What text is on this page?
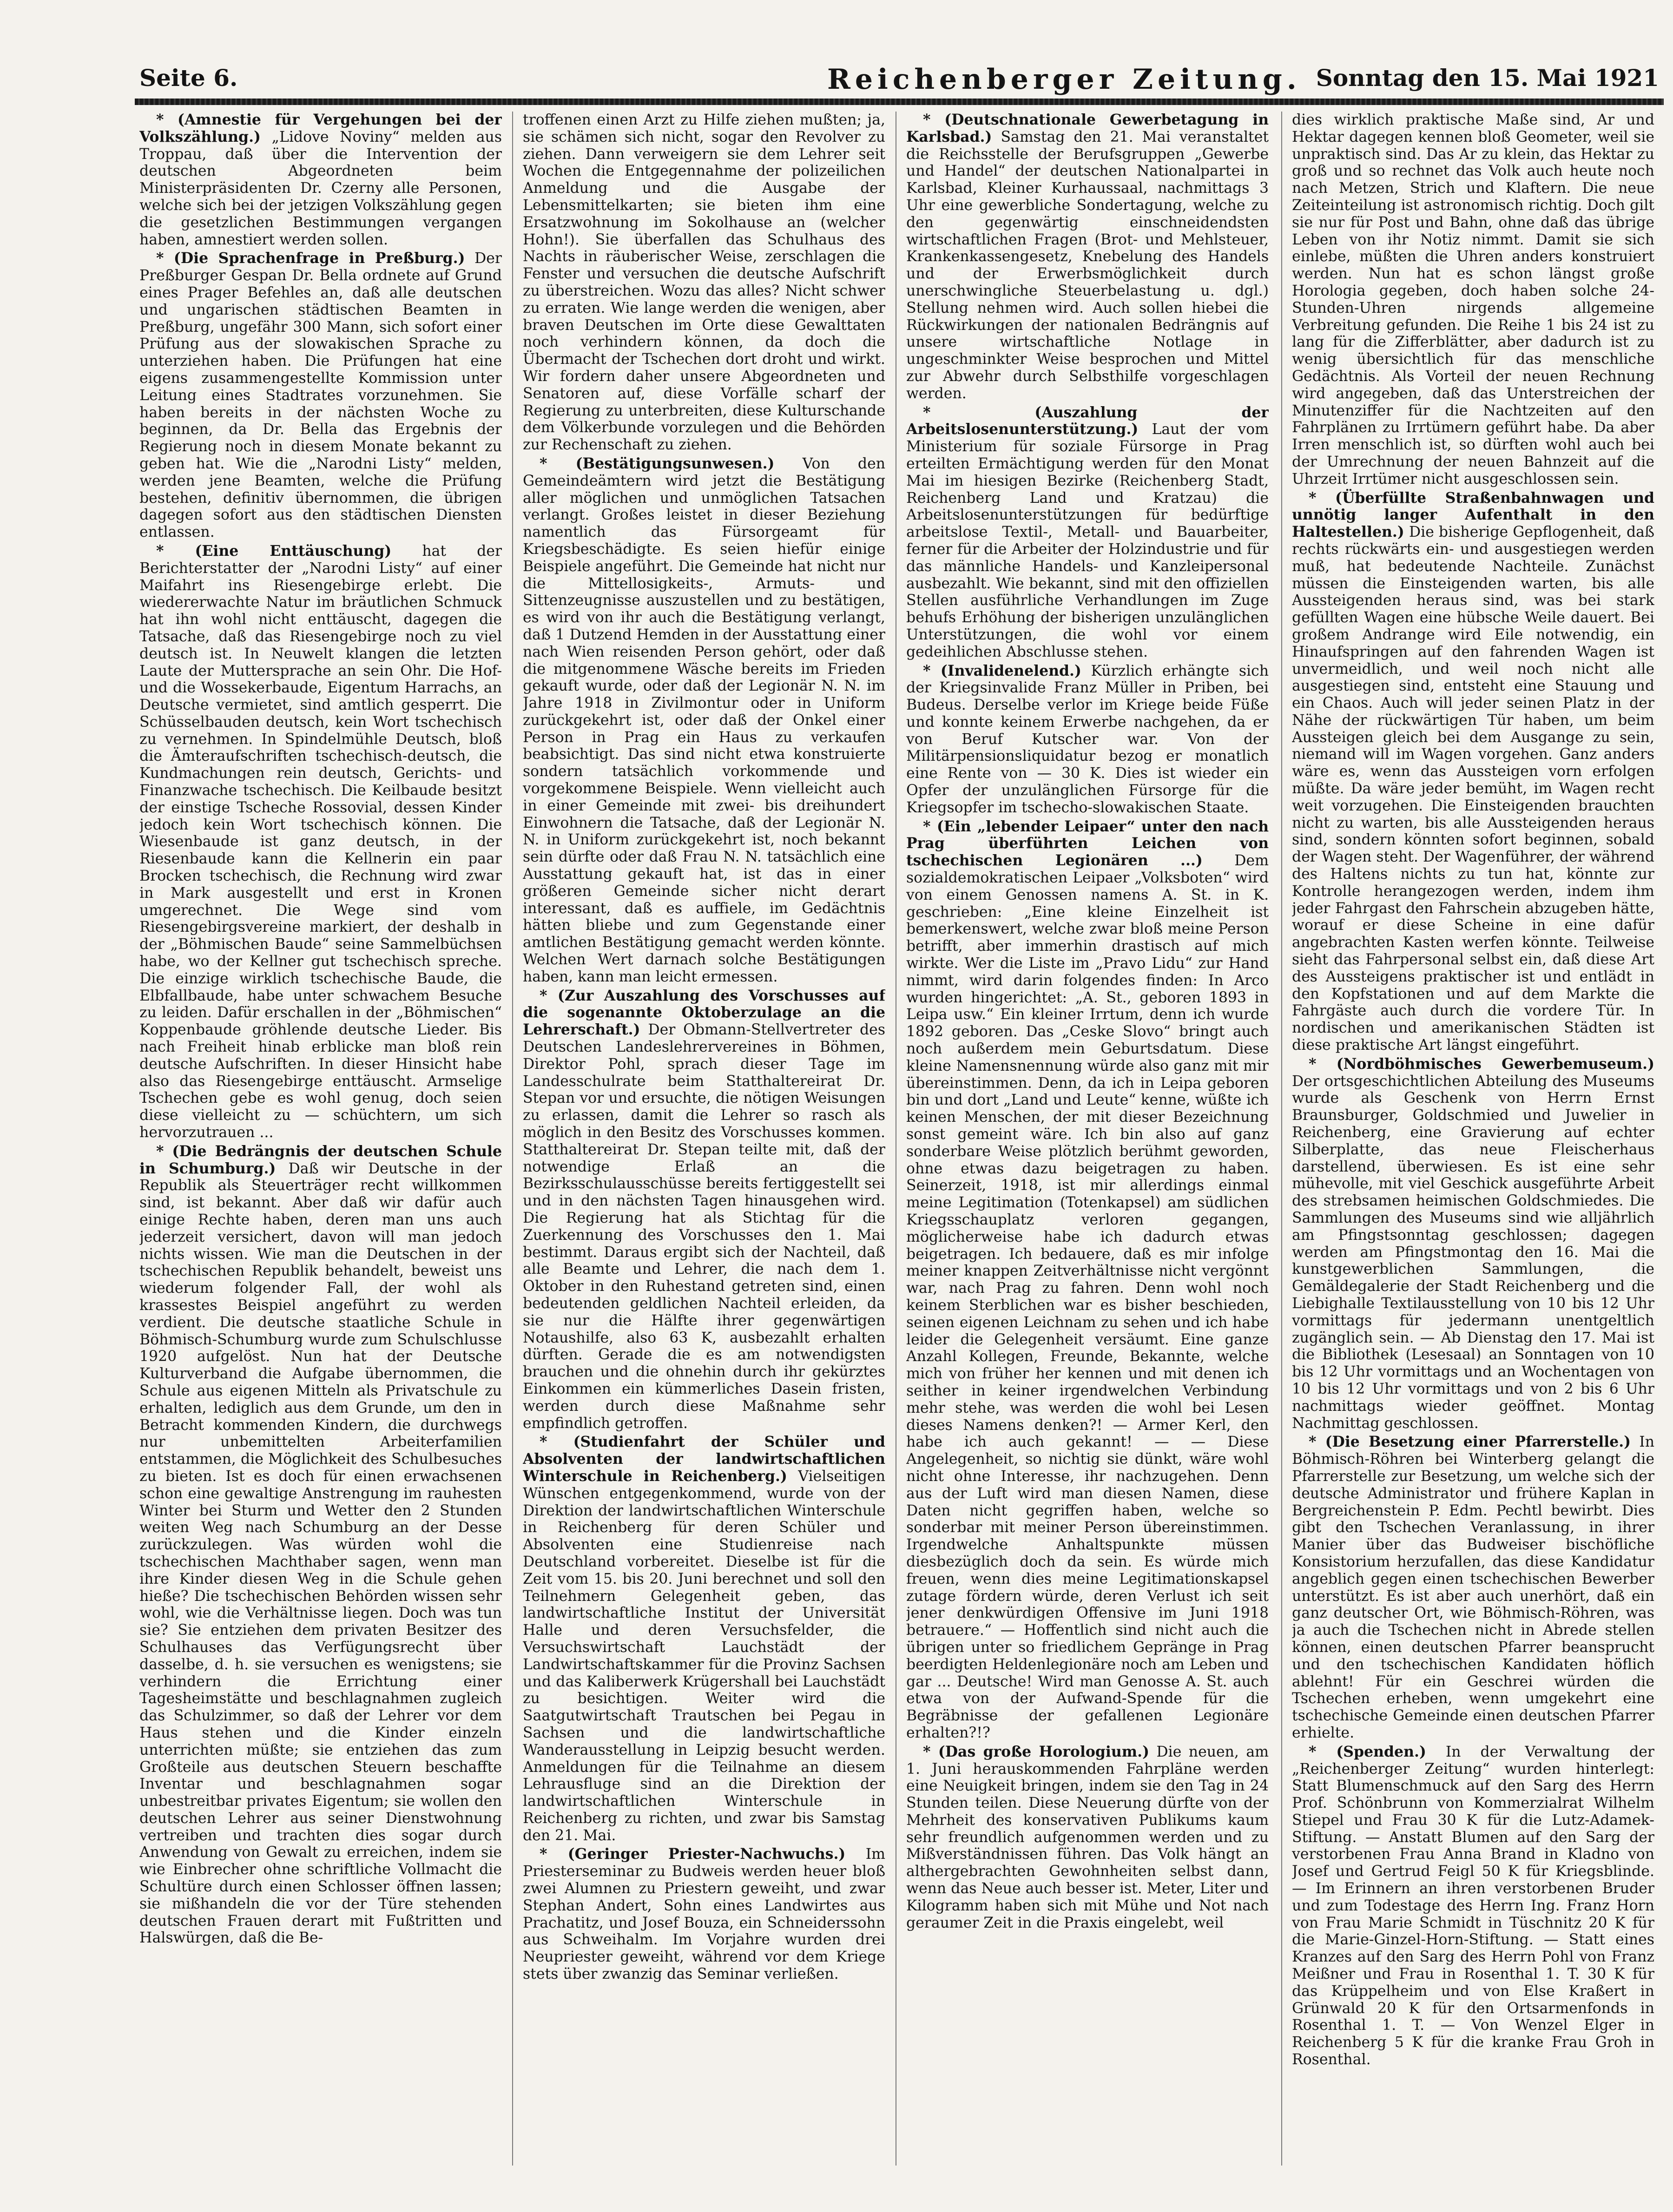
Seite 6.	Reichenberger Zeitung. Sonntag den 15. Mai 1921

* (Amnestie für Vergehungen bei der Volkszählung.) „Lidove Noviny“ melden aus Troppau, daß über die Intervention der deutschen Abgeordneten beim Ministerpräsidenten Dr. Czerny alle Personen, welche sich bei der jetzigen Volkszählung gegen die gesetzlichen Bestimmungen vergangen haben, amnestiert werden sollen.

* (Die Sprachenfrage in Preßburg.) Der Preßburger Gespan Dr. Bella ordnete auf Grund eines Prager Befehles an, daß alle deutschen und ungarischen städtischen Beamten in Preßburg, ungefähr 300 Mann, sich sofort einer Prüfung aus der slowakischen Sprache zu unterziehen haben. Die Prüfungen hat eine eigens zusammengestellte Kommission unter Leitung eines Stadtrates vorzunehmen. Sie haben bereits in der nächsten Woche zu beginnen, da Dr. Bella das Ergebnis der Regierung noch in diesem Monate bekannt zu geben hat. Wie die „Narodni Listy“ melden, werden jene Beamten, welche die Prüfung bestehen, definitiv übernommen, die übrigen dagegen sofort aus den städtischen Diensten entlassen.

* (Eine Enttäuschung) hat der Berichterstatter der „Narodni Listy“ auf einer Maifahrt ins Riesengebirge erlebt. Die wiedererwachte Natur im bräutlichen Schmuck hat ihn wohl nicht enttäuscht, dagegen die Tatsache, daß das Riesengebirge noch zu viel deutsch ist. In Neuwelt klangen die letzten Laute der Muttersprache an sein Ohr. Die Hof- und die Wossekerbaude, Eigentum Harrachs, an Deutsche vermietet, sind amtlich gesperrt. Die Schüsselbauden deutsch, kein Wort tschechisch zu vernehmen. In Spindelmühle Deutsch, bloß die Ämteraufschriften tschechisch-deutsch, die Kundmachungen rein deutsch, Gerichts- und Finanzwache tschechisch. Die Keilbaude besitzt der einstige Tscheche Rossovial, dessen Kinder jedoch kein Wort tschechisch können. Die Wiesenbaude ist ganz deutsch, in der Riesenbaude kann die Kellnerin ein paar Brocken tschechisch, die Rechnung wird zwar in Mark ausgestellt und erst in Kronen umgerechnet. Die Wege sind vom Riesengebirgsvereine markiert, der deshalb in der „Böhmischen Baude“ seine Sammelbüchsen habe, wo der Kellner gut tschechisch spreche. Die einzige wirklich tschechische Baude, die Elbfallbaude, habe unter schwachem Besuche zu leiden. Dafür erschallen in der „Böhmischen“ Koppenbaude gröhlende deutsche Lieder. Bis nach Freiheit hinab erblicke man bloß rein deutsche Aufschriften. In dieser Hinsicht habe also das Riesengebirge enttäuscht. Armselige Tschechen gebe es wohl genug, doch seien diese vielleicht zu — schüchtern, um sich hervorzutrauen ...

* (Die Bedrängnis der deutschen Schule in Schumburg.) Daß wir Deutsche in der Republik als Steuerträger recht willkommen sind, ist bekannt. Aber daß wir dafür auch einige Rechte haben, deren man uns auch jederzeit versichert, davon will man jedoch nichts wissen. Wie man die Deutschen in der tschechischen Republik behandelt, beweist uns wiederum folgender Fall, der wohl als krassestes Beispiel angeführt zu werden verdient. Die deutsche staatliche Schule in Böhmisch-Schumburg wurde zum Schulschlusse 1920 aufgelöst. Nun hat der Deutsche Kulturverband die Aufgabe übernommen, die Schule aus eigenen Mitteln als Privatschule zu erhalten, lediglich aus dem Grunde, um den in Betracht kommenden Kindern, die durchwegs nur unbemittelten Arbeiterfamilien entstammen, die Möglichkeit des Schulbesuches zu bieten. Ist es doch für einen erwachsenen schon eine gewaltige Anstrengung im rauhesten Winter bei Sturm und Wetter den 2 Stunden weiten Weg nach Schumburg an der Desse zurückzulegen. Was würden wohl die tschechischen Machthaber sagen, wenn man ihre Kinder diesen Weg in die Schule gehen hieße? Die tschechischen Behörden wissen sehr wohl, wie die Verhältnisse liegen. Doch was tun sie? Sie entziehen dem privaten Besitzer des Schulhauses das Verfügungsrecht über dasselbe, d. h. sie versuchen es wenigstens; sie verhindern die Errichtung einer Tagesheimstätte und beschlagnahmen zugleich das Schulzimmer, so daß der Lehrer vor dem Haus stehen und die Kinder einzeln unterrichten müßte; sie entziehen das zum Großteile aus deutschen Steuern beschaffte Inventar und beschlagnahmen sogar unbestreitbar privates Eigentum; sie wollen den deutschen Lehrer aus seiner Dienstwohnung vertreiben und trachten dies sogar durch Anwendung von Gewalt zu erreichen, indem sie wie Einbrecher ohne schriftliche Vollmacht die Schultüre durch einen Schlosser öffnen lassen; sie mißhandeln die vor der Türe stehenden deutschen Frauen derart mit Fußtritten und Halswürgen, daß die Be-

troffenen einen Arzt zu Hilfe ziehen mußten; ja, sie schämen sich nicht, sogar den Revolver zu ziehen. Dann verweigern sie dem Lehrer seit Wochen die Entgegennahme der polizeilichen Anmeldung und die Ausgabe der Lebensmittelkarten; sie bieten ihm eine Ersatzwohnung im Sokolhause an (welcher Hohn!). Sie überfallen das Schulhaus des Nachts in räuberischer Weise, zerschlagen die Fenster und versuchen die deutsche Aufschrift zu überstreichen. Wozu das alles? Nicht schwer zu erraten. Wie lange werden die wenigen, aber braven Deutschen im Orte diese Gewalttaten noch verhindern können, da doch die Übermacht der Tschechen dort droht und wirkt. Wir fordern daher unsere Abgeordneten und Senatoren auf, diese Vorfälle scharf der Regierung zu unterbreiten, diese Kulturschande dem Völkerbunde vorzulegen und die Behörden zur Rechenschaft zu ziehen.

* (Bestätigungsunwesen.) Von den Gemeindeämtern wird jetzt die Bestätigung aller möglichen und unmöglichen Tatsachen verlangt. Großes leistet in dieser Beziehung namentlich das Fürsorgeamt für Kriegsbeschädigte. Es seien hiefür einige Beispiele angeführt. Die Gemeinde hat nicht nur die Mittellosigkeits-, Armuts- und Sittenzeugnisse auszustellen und zu bestätigen, es wird von ihr auch die Bestätigung verlangt, daß 1 Dutzend Hemden in der Ausstattung einer nach Wien reisenden Person gehört, oder daß die mitgenommene Wäsche bereits im Frieden gekauft wurde, oder daß der Legionär N. N. im Jahre 1918 in Zivilmontur oder in Uniform zurückgekehrt ist, oder daß der Onkel einer Person in Prag ein Haus zu verkaufen beabsichtigt. Das sind nicht etwa konstruierte sondern tatsächlich vorkommende und vorgekommene Beispiele. Wenn vielleicht auch in einer Gemeinde mit zwei- bis dreihundert Einwohnern die Tatsache, daß der Legionär N. N. in Uniform zurückgekehrt ist, noch bekannt sein dürfte oder daß Frau N. N. tatsächlich eine Ausstattung gekauft hat, ist das in einer größeren Gemeinde sicher nicht derart interessant, daß es auffiele, im Gedächtnis hätten bliebe und zum Gegenstande einer amtlichen Bestätigung gemacht werden könnte. Welchen Wert darnach solche Bestätigungen haben, kann man leicht ermessen.

* (Zur Auszahlung des Vorschusses auf die sogenannte Oktoberzulage an die Lehrerschaft.) Der Obmann-Stellvertreter des Deutschen Landeslehrervereines in Böhmen, Direktor Pohl, sprach dieser Tage im Landesschulrate beim Statthaltereirat Dr. Stepan vor und ersuchte, die nötigen Weisungen zu erlassen, damit die Lehrer so rasch als möglich in den Besitz des Vorschusses kommen. Statthaltereirat Dr. Stepan teilte mit, daß der notwendige Erlaß an die Bezirksschulausschüsse bereits fertiggestellt sei und in den nächsten Tagen hinausgehen wird. Die Regierung hat als Stichtag für die Zuerkennung des Vorschusses den 1. Mai bestimmt. Daraus ergibt sich der Nachteil, daß alle Beamte und Lehrer, die nach dem 1. Oktober in den Ruhestand getreten sind, einen bedeutenden geldlichen Nachteil erleiden, da sie nur die Hälfte ihrer gegenwärtigen Notaushilfe, also 63 K, ausbezahlt erhalten dürften. Gerade die es am notwendigsten brauchen und die ohnehin durch ihr gekürztes Einkommen ein kümmerliches Dasein fristen, werden durch diese Maßnahme sehr empfindlich getroffen.

* (Studienfahrt der Schüler und Absolventen der landwirtschaftlichen Winterschule in Reichenberg.) Vielseitigen Wünschen entgegenkommend, wurde von der Direktion der landwirtschaftlichen Winterschule in Reichenberg für deren Schüler und Absolventen eine Studienreise nach Deutschland vorbereitet. Dieselbe ist für die Zeit vom 15. bis 20. Juni berechnet und soll den Teilnehmern Gelegenheit geben, das landwirtschaftliche Institut der Universität Halle und deren Versuchsfelder, die Versuchswirtschaft Lauchstädt der Landwirtschaftskammer für die Provinz Sachsen und das Kaliberwerk Krügershall bei Lauchstädt zu besichtigen. Weiter wird die Saatgutwirtschaft Trautschen bei Pegau in Sachsen und die landwirtschaftliche Wanderausstellung in Leipzig besucht werden. Anmeldungen für die Teilnahme an diesem Lehrausfluge sind an die Direktion der landwirtschaftlichen Winterschule in Reichenberg zu richten, und zwar bis Samstag den 21. Mai.

* (Geringer Priester-Nachwuchs.) Im Priesterseminar zu Budweis werden heuer bloß zwei Alumnen zu Priestern geweiht, und zwar Stephan Andert, Sohn eines Landwirtes aus Prachatitz, und Josef Bouza, ein Schneiderssohn aus Schweihalm. Im Vorjahre wurden drei Neupriester geweiht, während vor dem Kriege stets über zwanzig das Seminar verließen.

* (Deutschnationale Gewerbetagung in Karlsbad.) Samstag den 21. Mai veranstaltet die Reichsstelle der Berufsgruppen „Gewerbe und Handel“ der deutschen Nationalpartei in Karlsbad, Kleiner Kurhaussaal, nachmittags 3 Uhr eine gewerbliche Sondertagung, welche zu den gegenwärtig einschneidendsten wirtschaftlichen Fragen (Brot- und Mehlsteuer, Krankenkassengesetz, Knebelung des Handels und der Erwerbsmöglichkeit durch unerschwingliche Steuerbelastung u. dgl.) Stellung nehmen wird. Auch sollen hiebei die Rückwirkungen der nationalen Bedrängnis auf unsere wirtschaftliche Notlage in ungeschminkter Weise besprochen und Mittel zur Abwehr durch Selbsthilfe vorgeschlagen werden.

* (Auszahlung der Arbeitslosenunterstützung.) Laut der vom Ministerium für soziale Fürsorge in Prag erteilten Ermächtigung werden für den Monat Mai im hiesigen Bezirke (Reichenberg Stadt, Reichenberg Land und Kratzau) die Arbeitslosenunterstützungen für bedürftige arbeitslose Textil-, Metall- und Bauarbeiter, ferner für die Arbeiter der Holzindustrie und für das männliche Handels- und Kanzleipersonal ausbezahlt. Wie bekannt, sind mit den offiziellen Stellen ausführliche Verhandlungen im Zuge behufs Erhöhung der bisherigen unzulänglichen Unterstützungen, die wohl vor einem gedeihlichen Abschlusse stehen.

* (Invalidenelend.) Kürzlich erhängte sich der Kriegsinvalide Franz Müller in Priben, bei Budeus. Derselbe verlor im Kriege beide Füße und konnte keinem Erwerbe nachgehen, da er von Beruf Kutscher war. Von der Militärpensionsliquidatur bezog er monatlich eine Rente von — 30 K. Dies ist wieder ein Opfer der unzulänglichen Fürsorge für die Kriegsopfer im tschecho-slowakischen Staate.

* (Ein „lebender Leipaer“ unter den nach Prag überführten Leichen von tschechischen Legionären ...) Dem sozialdemokratischen Leipaer „Volksboten“ wird von einem Genossen namens A. St. in K. geschrieben: „Eine kleine Einzelheit ist bemerkenswert, welche zwar bloß meine Person betrifft, aber immerhin drastisch auf mich wirkte. Wer die Liste im „Pravo Lidu“ zur Hand nimmt, wird darin folgendes finden: In Arco wurden hingerichtet: „A. St., geboren 1893 in Leipa usw.“ Ein kleiner Irrtum, denn ich wurde 1892 geboren. Das „Ceske Slovo“ bringt auch noch außerdem mein Geburtsdatum. Diese kleine Namensnennung würde also ganz mit mir übereinstimmen. Denn, da ich in Leipa geboren bin und dort „Land und Leute“ kenne, wüßte ich keinen Menschen, der mit dieser Bezeichnung sonst gemeint wäre. Ich bin also auf ganz sonderbare Weise plötzlich berühmt geworden, ohne etwas dazu beigetragen zu haben. Seinerzeit, 1918, ist mir allerdings einmal meine Legitimation (Totenkapsel) am südlichen Kriegsschauplatz verloren gegangen, möglicherweise habe ich dadurch etwas beigetragen. Ich bedauere, daß es mir infolge meiner knappen Zeitverhältnisse nicht vergönnt war, nach Prag zu fahren. Denn wohl noch keinem Sterblichen war es bisher beschieden, seinen eigenen Leichnam zu sehen und ich habe leider die Gelegenheit versäumt. Eine ganze Anzahl Kollegen, Freunde, Bekannte, welche mich von früher her kennen und mit denen ich seither in keiner irgendwelchen Verbindung mehr stehe, was werden die wohl bei Lesen dieses Namens denken?! — Armer Kerl, den habe ich auch gekannt! — — Diese Angelegenheit, so nichtig sie dünkt, wäre wohl nicht ohne Interesse, ihr nachzugehen. Denn aus der Luft wird man diesen Namen, diese Daten nicht gegriffen haben, welche so sonderbar mit meiner Person übereinstimmen. Irgendwelche Anhaltspunkte müssen diesbezüglich doch da sein. Es würde mich freuen, wenn dies meine Legitimationskapsel zutage fördern würde, deren Verlust ich seit jener denkwürdigen Offensive im Juni 1918 betrauere.“ — Hoffentlich sind nicht auch die übrigen unter so friedlichem Gepränge in Prag beerdigten Heldenlegionäre noch am Leben und gar ... Deutsche! Wird man Genosse A. St. auch etwa von der Aufwand-Spende für die Begräbnisse der gefallenen Legionäre erhalten?!?

* (Das große Horologium.) Die neuen, am 1. Juni herauskommenden Fahrpläne werden eine Neuigkeit bringen, indem sie den Tag in 24 Stunden teilen. Diese Neuerung dürfte von der Mehrheit des konservativen Publikums kaum sehr freundlich aufgenommen werden und zu Mißverständnissen führen. Das Volk hängt an althergebrachten Gewohnheiten selbst dann, wenn das Neue auch besser ist. Meter, Liter und Kilogramm haben sich mit Mühe und Not nach geraumer Zeit in die Praxis eingelebt, weil

dies wirklich praktische Maße sind, Ar und Hektar dagegen kennen bloß Geometer, weil sie unpraktisch sind. Das Ar zu klein, das Hektar zu groß und so rechnet das Volk auch heute noch nach Metzen, Strich und Klaftern. Die neue Zeiteinteilung ist astronomisch richtig. Doch gilt sie nur für Post und Bahn, ohne daß das übrige Leben von ihr Notiz nimmt. Damit sie sich einlebe, müßten die Uhren anders konstruiert werden. Nun hat es schon längst große Horologia gegeben, doch haben solche 24-Stunden-Uhren nirgends allgemeine Verbreitung gefunden. Die Reihe 1 bis 24 ist zu lang für die Zifferblätter, aber dadurch ist zu wenig übersichtlich für das menschliche Gedächtnis. Als Vorteil der neuen Rechnung wird angegeben, daß das Unterstreichen der Minutenziffer für die Nachtzeiten auf den Fahrplänen zu Irrtümern geführt habe. Da aber Irren menschlich ist, so dürften wohl auch bei der Umrechnung der neuen Bahnzeit auf die Uhrzeit Irrtümer nicht ausgeschlossen sein.

* (Überfüllte Straßenbahnwagen und unnötig langer Aufenthalt in den Haltestellen.) Die bisherige Gepflogenheit, daß rechts rückwärts ein- und ausgestiegen werden muß, hat bedeutende Nachteile. Zunächst müssen die Einsteigenden warten, bis alle Aussteigenden heraus sind, was bei stark gefüllten Wagen eine hübsche Weile dauert. Bei großem Andrange wird Eile notwendig, ein Hinaufspringen auf den fahrenden Wagen ist unvermeidlich, und weil noch nicht alle ausgestiegen sind, entsteht eine Stauung und ein Chaos. Auch will jeder seinen Platz in der Nähe der rückwärtigen Tür haben, um beim Aussteigen gleich bei dem Ausgange zu sein, niemand will im Wagen vorgehen. Ganz anders wäre es, wenn das Aussteigen vorn erfolgen müßte. Da wäre jeder bemüht, im Wagen recht weit vorzugehen. Die Einsteigenden brauchten nicht zu warten, bis alle Aussteigenden heraus sind, sondern könnten sofort beginnen, sobald der Wagen steht. Der Wagenführer, der während des Haltens nichts zu tun hat, könnte zur Kontrolle herangezogen werden, indem ihm jeder Fahrgast den Fahrschein abzugeben hätte, worauf er diese Scheine in eine dafür angebrachten Kasten werfen könnte. Teilweise sieht das Fahrpersonal selbst ein, daß diese Art des Aussteigens praktischer ist und entlädt in den Kopfstationen und auf dem Markte die Fahrgäste auch durch die vordere Tür. In nordischen und amerikanischen Städten ist diese praktische Art längst eingeführt.

* (Nordböhmisches Gewerbemuseum.) Der ortsgeschichtlichen Abteilung des Museums wurde als Geschenk von Herrn Ernst Braunsburger, Goldschmied und Juwelier in Reichenberg, eine Gravierung auf echter Silberplatte, das neue Fleischerhaus darstellend, überwiesen. Es ist eine sehr mühevolle, mit viel Geschick ausgeführte Arbeit des strebsamen heimischen Goldschmiedes. Die Sammlungen des Museums sind wie alljährlich am Pfingstsonntag geschlossen; dagegen werden am Pfingstmontag den 16. Mai die kunstgewerblichen Sammlungen, die Gemäldegalerie der Stadt Reichenberg und die Liebighalle Textilausstellung von 10 bis 12 Uhr vormittags für jedermann unentgeltlich zugänglich sein. — Ab Dienstag den 17. Mai ist die Bibliothek (Lesesaal) an Sonntagen von 10 bis 12 Uhr vormittags und an Wochentagen von 10 bis 12 Uhr vormittags und von 2 bis 6 Uhr nachmittags wieder geöffnet. Montag Nachmittag geschlossen.

* (Die Besetzung einer Pfarrerstelle.) In Böhmisch-Röhren bei Winterberg gelangt die Pfarrerstelle zur Besetzung, um welche sich der deutsche Administrator und frühere Kaplan in Bergreichenstein P. Edm. Pechtl bewirbt. Dies gibt den Tschechen Veranlassung, in ihrer Manier über das Budweiser bischöfliche Konsistorium herzufallen, das diese Kandidatur angeblich gegen einen tschechischen Bewerber unterstützt. Es ist aber auch unerhört, daß ein ganz deutscher Ort, wie Böhmisch-Röhren, was ja auch die Tschechen nicht in Abrede stellen können, einen deutschen Pfarrer beansprucht und den tschechischen Kandidaten höflich ablehnt! Für ein Geschrei würden die Tschechen erheben, wenn umgekehrt eine tschechische Gemeinde einen deutschen Pfarrer erhielte.

* (Spenden.) In der Verwaltung der „Reichenberger Zeitung“ wurden hinterlegt: Statt Blumenschmuck auf den Sarg des Herrn Prof. Schönbrunn von Kommerzialrat Wilhelm Stiepel und Frau 30 K für die Lutz-Adamek-Stiftung. — Anstatt Blumen auf den Sarg der verstorbenen Frau Anna Brand in Kladno von Josef und Gertrud Feigl 50 K für Kriegsblinde. — Im Erinnern an ihren verstorbenen Bruder und zum Todestage des Herrn Ing. Franz Horn von Frau Marie Schmidt in Tüschnitz 20 K für die Marie-Ginzel-Horn-Stiftung. — Statt eines Kranzes auf den Sarg des Herrn Pohl von Franz Meißner und Frau in Rosenthal 1. T. 30 K für das Krüppelheim und von Else Kraßert in Grünwald 20 K für den Ortsarmenfonds in Rosenthal 1. T. — Von Wenzel Elger in Reichenberg 5 K für die kranke Frau Groh in Rosenthal.
